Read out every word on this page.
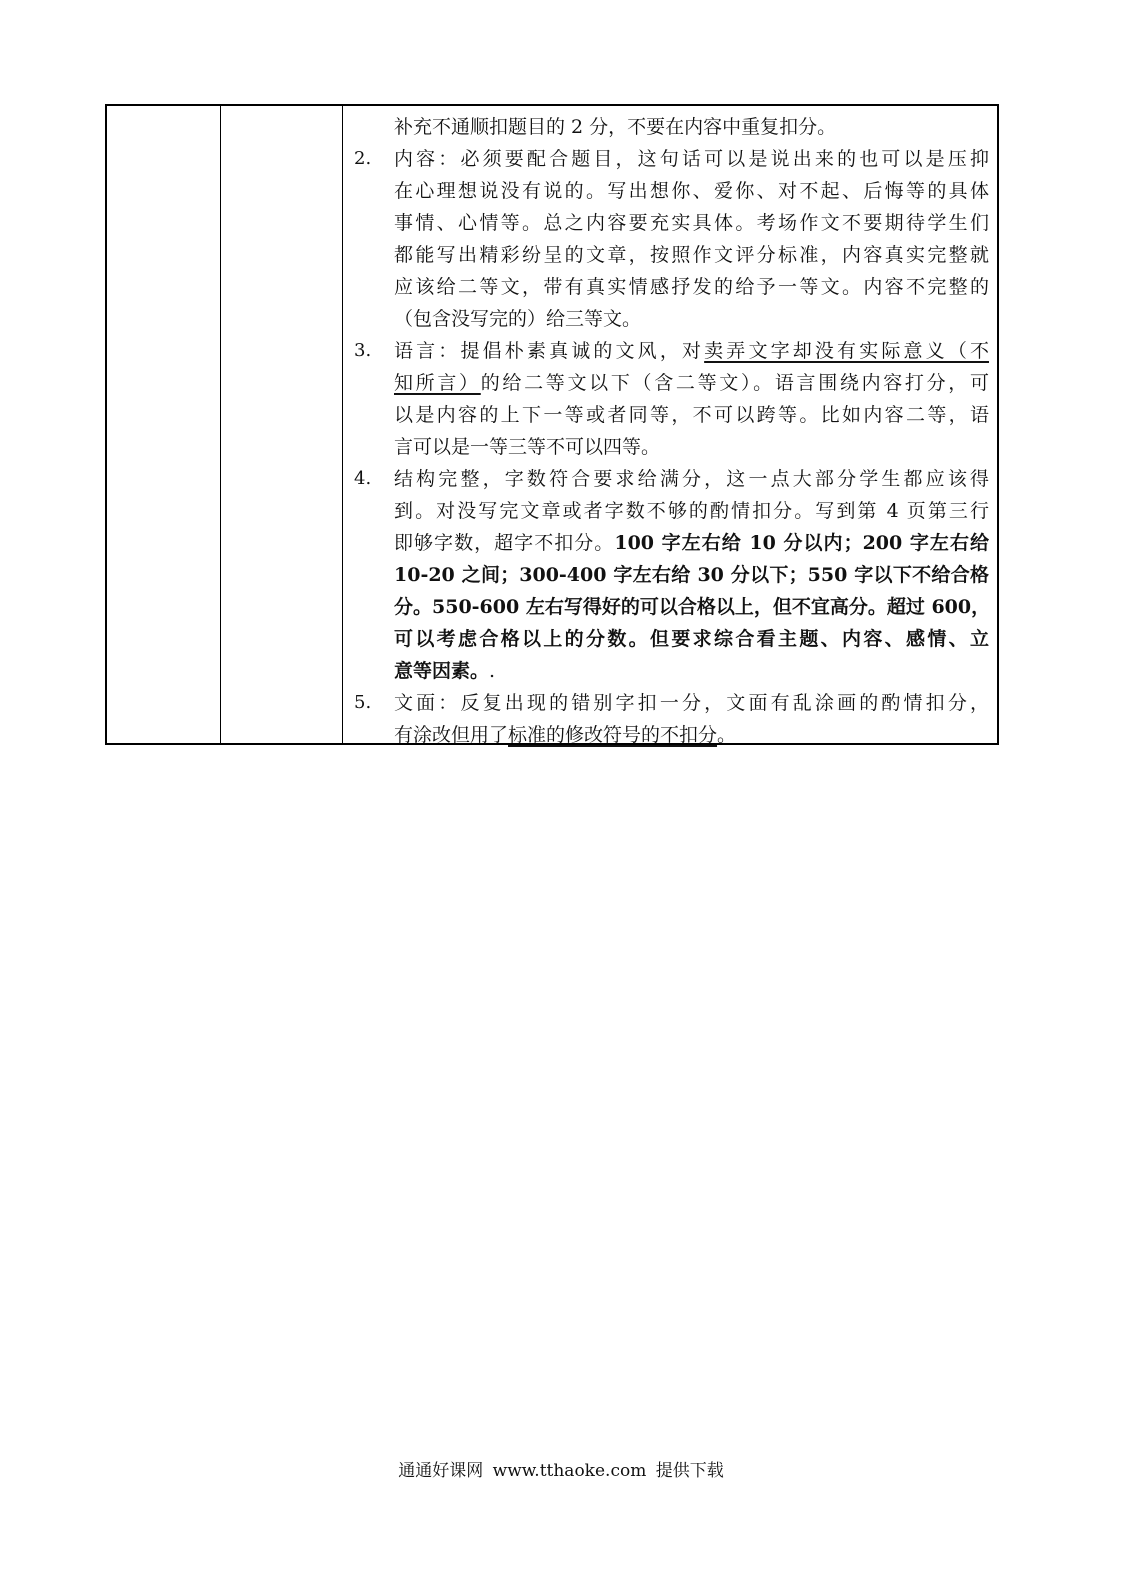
补充不通顺扣题目的 2 分，不要在内容中重复扣分。
2. 内容：必须要配合题目，这句话可以是说出来的也可以是压抑
在心理想说没有说的。写出想你、爱你、对不起、后悔等的具体
事情、心情等。总之内容要充实具体。考场作文不要期待学生们
都能写出精彩纷呈的文章，按照作文评分标准，内容真实完整就
应该给二等文，带有真实情感抒发的给予一等文。内容不完整的
（包含没写完的）给三等文。
3. 语言：提倡朴素真诚的文风，对卖弄文字却没有实际意义（不
知所言）的给二等文以下（含二等文）。语言围绕内容打分，可
以是内容的上下一等或者同等，不可以跨等。比如内容二等，语
言可以是一等三等不可以四等。
4. 结构完整，字数符合要求给满分，这一点大部分学生都应该得
到。对没写完文章或者字数不够的酌情扣分。写到第 4 页第三行
即够字数，超字不扣分。100 字左右给 10 分以内；200 字左右给
10-20 之间；300-400 字左右给 30 分以下；550 字以下不给合格
分。550-600 左右写得好的可以合格以上，但不宜高分。超过 600，
可以考虑合格以上的分数。但要求综合看主题、内容、感情、立
意等因素。.
5. 文面：反复出现的错别字扣一分，文面有乱涂画的酌情扣分，
有涂改但用了标准的修改符号的不扣分。
通通好课网 www.tthaoke.com 提供下载
